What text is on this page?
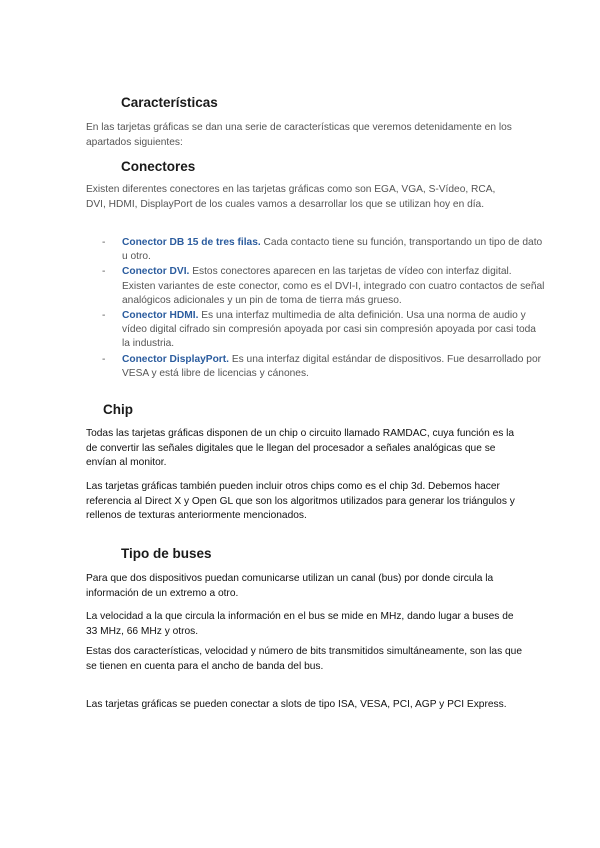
Características

En las tarjetas gráficas se dan una serie de características que veremos detenidamente en los apartados siguientes:

Conectores

Existen diferentes conectores en las tarjetas gráficas como son EGA, VGA, S-Vídeo, RCA, DVI, HDMI, DisplayPort de los cuales vamos a desarrollar los que se utilizan hoy en día.

- Conector DB 15 de tres filas. Cada contacto tiene su función, transportando un tipo de dato u otro.
- Conector DVI. Estos conectores aparecen en las tarjetas de vídeo con interfaz digital. Existen variantes de este conector, como es el DVI-I, integrado con cuatro contactos de señal analógicos adicionales y un pin de toma de tierra más grueso.
- Conector HDMI. Es una interfaz multimedia de alta definición. Usa una norma de audio y vídeo digital cifrado sin compresión apoyada por casi sin compresión apoyada por casi toda la industria.
- Conector DisplayPort. Es una interfaz digital estándar de dispositivos. Fue desarrollado por VESA y está libre de licencias y cánones.
Chip

Todas las tarjetas gráficas disponen de un chip o circuito llamado RAMDAC, cuya función es la de convertir las señales digitales que le llegan del procesador a señales analógicas que se envían al monitor.

Las tarjetas gráficas también pueden incluir otros chips como es el chip 3d. Debemos hacer referencia al Direct X y Open GL que son los algoritmos utilizados para generar los triángulos y rellenos de texturas anteriormente mencionados.

Tipo de buses

Para que dos dispositivos puedan comunicarse utilizan un canal (bus) por donde circula la información de un extremo a otro.

La velocidad a la que circula la información en el bus se mide en MHz, dando lugar a buses de 33 MHz, 66 MHz y otros.

Estas dos características, velocidad y número de bits transmitidos simultáneamente, son las que se tienen en cuenta para el ancho de banda del bus.

Las tarjetas gráficas se pueden conectar a slots de tipo ISA, VESA, PCI, AGP y PCI Express.
